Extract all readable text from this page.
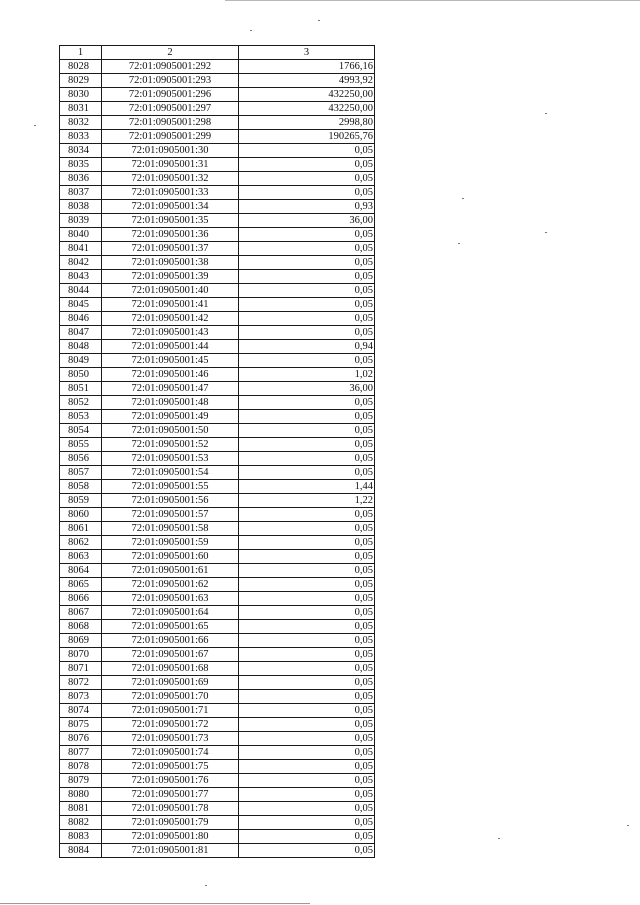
1	2	3
8028	72:01:0905001:292	1766,16
8029	72:01:0905001:293	4993,92
8030	72:01:0905001:296	432250,00
8031	72:01:0905001:297	432250,00
8032	72:01:0905001:298	2998,80
8033	72:01:0905001:299	190265,76
8034	72:01:0905001:30	0,05
8035	72:01:0905001:31	0,05
8036	72:01:0905001:32	0,05
8037	72:01:0905001:33	0,05
8038	72:01:0905001:34	0,93
8039	72:01:0905001:35	36,00
8040	72:01:0905001:36	0,05
8041	72:01:0905001:37	0,05
8042	72:01:0905001:38	0,05
8043	72:01:0905001:39	0,05
8044	72:01:0905001:40	0,05
8045	72:01:0905001:41	0,05
8046	72:01:0905001:42	0,05
8047	72:01:0905001:43	0,05
8048	72:01:0905001:44	0,94
8049	72:01:0905001:45	0,05
8050	72:01:0905001:46	1,02
8051	72:01:0905001:47	36,00
8052	72:01:0905001:48	0,05
8053	72:01:0905001:49	0,05
8054	72:01:0905001:50	0,05
8055	72:01:0905001:52	0,05
8056	72:01:0905001:53	0,05
8057	72:01:0905001:54	0,05
8058	72:01:0905001:55	1,44
8059	72:01:0905001:56	1,22
8060	72:01:0905001:57	0,05
8061	72:01:0905001:58	0,05
8062	72:01:0905001:59	0,05
8063	72:01:0905001:60	0,05
8064	72:01:0905001:61	0,05
8065	72:01:0905001:62	0,05
8066	72:01:0905001:63	0,05
8067	72:01:0905001:64	0,05
8068	72:01:0905001:65	0,05
8069	72:01:0905001:66	0,05
8070	72:01:0905001:67	0,05
8071	72:01:0905001:68	0,05
8072	72:01:0905001:69	0,05
8073	72:01:0905001:70	0,05
8074	72:01:0905001:71	0,05
8075	72:01:0905001:72	0,05
8076	72:01:0905001:73	0,05
8077	72:01:0905001:74	0,05
8078	72:01:0905001:75	0,05
8079	72:01:0905001:76	0,05
8080	72:01:0905001:77	0,05
8081	72:01:0905001:78	0,05
8082	72:01:0905001:79	0,05
8083	72:01:0905001:80	0,05
8084	72:01:0905001:81	0,05
